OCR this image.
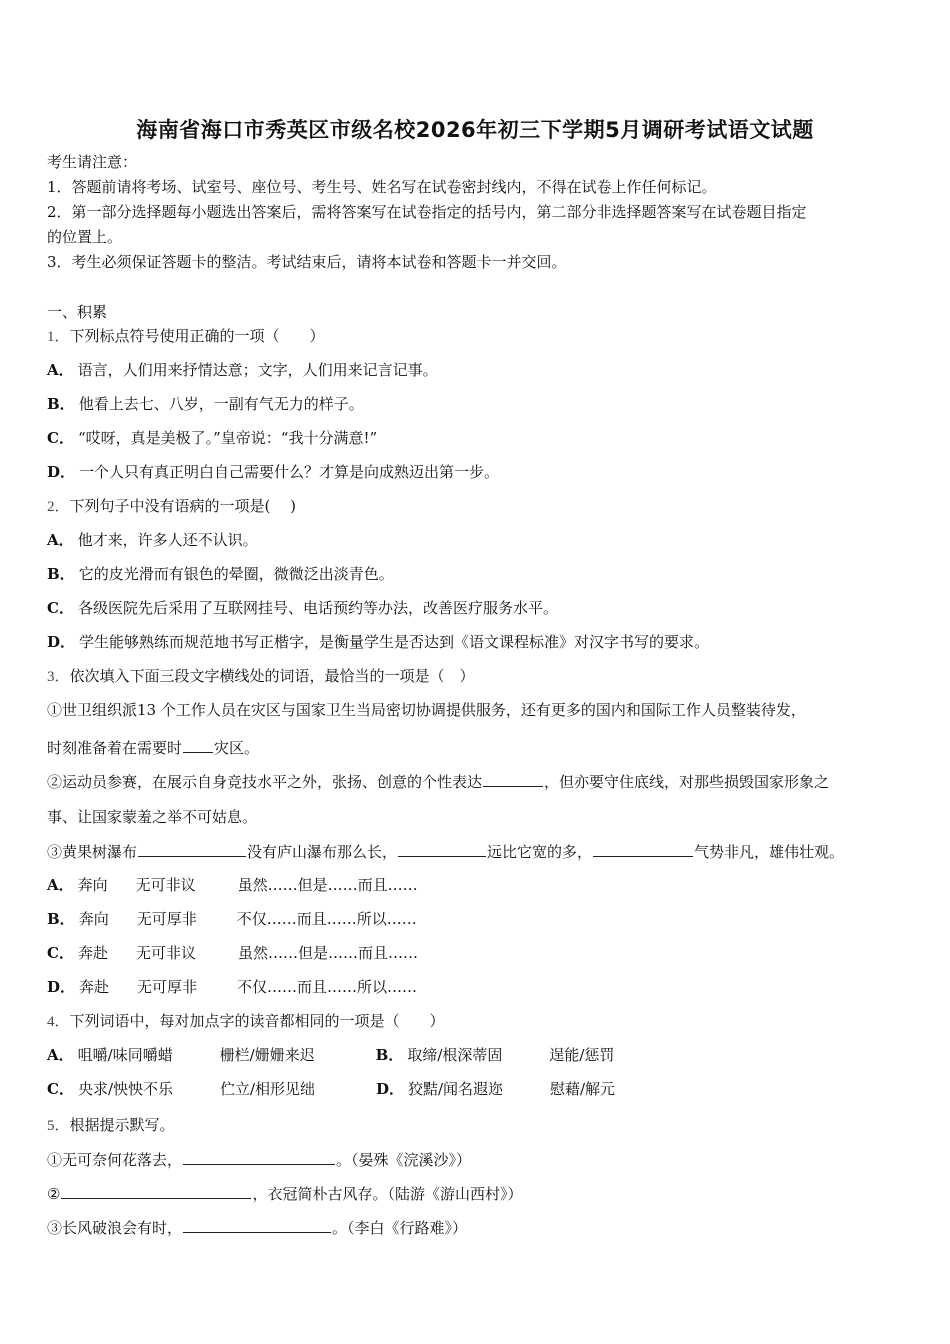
海南省海口市秀英区市级名校2026年初三下学期5月调研考试语文试题
考生请注意：
1．答题前请将考场、试室号、座位号、考生号、姓名写在试卷密封线内，不得在试卷上作任何标记。
2．第一部分选择题每小题选出答案后，需将答案写在试卷指定的括号内，第二部分非选择题答案写在试卷题目指定
的位置上。
3．考生必须保证答题卡的整洁。考试结束后，请将本试卷和答题卡一并交回。
一、积累
1．下列标点符号使用正确的一项（　　）
A． 语言，人们用来抒情达意；文字，人们用来记言记事。
B． 他看上去七、八岁，一副有气无力的样子。
C． “哎呀，真是美极了。”皇帝说：“我十分满意!”
D． 一个人只有真正明白自己需要什么？才算是向成熟迈出第一步。
2．下列句子中没有语病的一项是(　 )
A． 他才来，许多人还不认识。
B． 它的皮光滑而有银色的晕圈，微微泛出淡青色。
C． 各级医院先后采用了互联网挂号、电话预约等办法，改善医疗服务水平。
D． 学生能够熟练而规范地书写正楷字，是衡量学生是否达到《语文课程标准》对汉字书写的要求。
3．依次填入下面三段文字横线处的词语，最恰当的一项是（　）
①世卫组织派13 个工作人员在灾区与国家卫生当局密切协调提供服务，还有更多的国内和国际工作人员整装待发，
时刻准备着在需要时 灾区。
②运动员参赛，在展示自身竞技水平之外，张扬、创意的个性表达	，但亦要守住底线，对那些损毁国家形象之
事、让国家蒙羞之举不可姑息。
③黄果树瀑布	没有庐山瀑布那么长，	远比它宽的多，	气势非凡，雄伟壮观。
A． 奔向 无可非议	虽然……但是……而且……
B． 奔向 无可厚非	不仅……而且……所以……
C． 奔赴 无可非议	虽然……但是……而且……
D． 奔赴 无可厚非	不仅……而且……所以……
4．下列词语中，每对加点字的读音都相同的一项是（　　）
A． 咀嚼/味同嚼蜡	栅栏/姗姗来迟	B． 取缔/根深蒂固	逞能/惩罚
C． 央求/怏怏不乐	伫立/相形见绌	D． 狡黠/闻名遐迩	慰藉/解元
5．根据提示默写。
①无可奈何花落去，	。（晏殊《浣溪沙》）
②	，衣冠简朴古风存。（陆游《游山西村》）
③长风破浪会有时，	。（李白《行路难》）
